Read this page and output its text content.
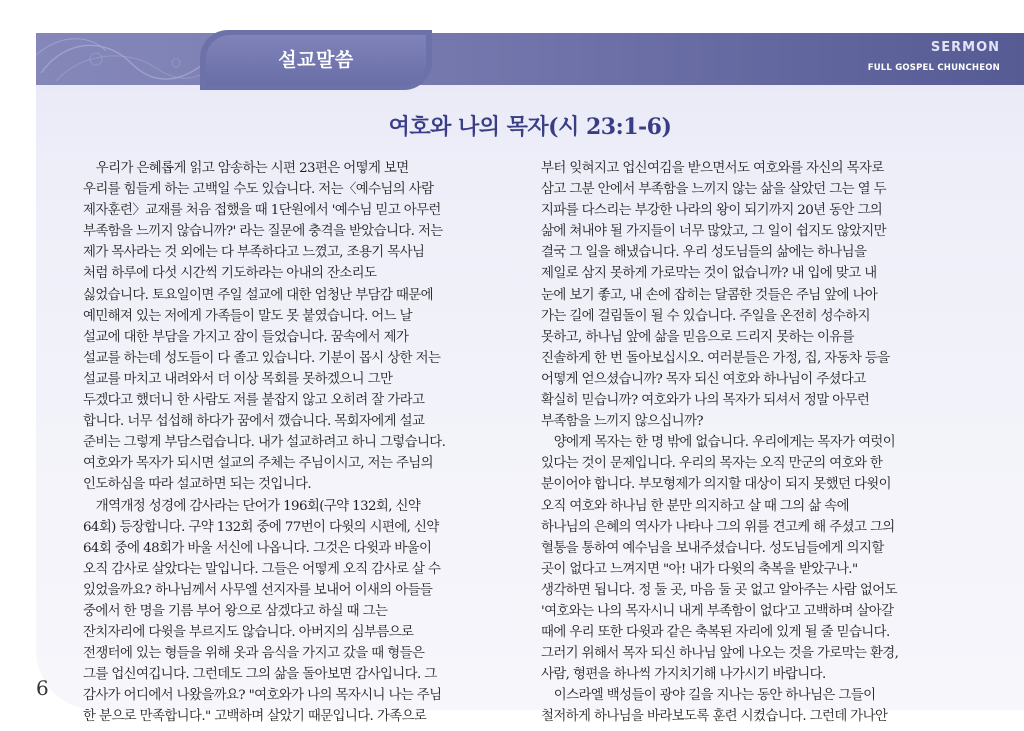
설교말씀
SERMON
FULL GOSPEL CHUNCHEON
여호와 나의 목자(시 23:1-6)
　우리가 은혜롭게 읽고 암송하는 시편 23편은 어떻게 보면
우리를 힘들게 하는 고백일 수도 있습니다. 저는〈예수님의 사람
제자훈련〉교재를 처음 접했을 때 1단원에서 '예수님 믿고 아무런
부족함을 느끼지 않습니까?' 라는 질문에 충격을 받았습니다. 저는
제가 목사라는 것 외에는 다 부족하다고 느꼈고, 조용기 목사님
처럼 하루에 다섯 시간씩 기도하라는 아내의 잔소리도
싫었습니다. 토요일이면 주일 설교에 대한 엄청난 부담감 때문에
예민해져 있는 저에게 가족들이 말도 못 붙였습니다. 어느 날
설교에 대한 부담을 가지고 잠이 들었습니다. 꿈속에서 제가
설교를 하는데 성도들이 다 졸고 있습니다. 기분이 몹시 상한 저는
설교를 마치고 내려와서 더 이상 목회를 못하겠으니 그만
두겠다고 했더니 한 사람도 저를 붙잡지 않고 오히려 잘 가라고
합니다. 너무 섭섭해 하다가 꿈에서 깼습니다. 목회자에게 설교
준비는 그렇게 부담스럽습니다. 내가 설교하려고 하니 그렇습니다.
여호와가 목자가 되시면 설교의 주체는 주님이시고, 저는 주님의
인도하심을 따라 설교하면 되는 것입니다.
　개역개정 성경에 감사라는 단어가 196회(구약 132회, 신약
64회) 등장합니다. 구약 132회 중에 77번이 다윗의 시편에, 신약
64회 중에 48회가 바울 서신에 나옵니다. 그것은 다윗과 바울이
오직 감사로 살았다는 말입니다. 그들은 어떻게 오직 감사로 살 수
있었을까요? 하나님께서 사무엘 선지자를 보내어 이새의 아들들
중에서 한 명을 기름 부어 왕으로 삼겠다고 하실 때 그는
잔치자리에 다윗을 부르지도 않습니다. 아버지의 심부름으로
전쟁터에 있는 형들을 위해 옷과 음식을 가지고 갔을 때 형들은
그를 업신여깁니다. 그런데도 그의 삶을 돌아보면 감사입니다. 그
감사가 어디에서 나왔을까요? "여호와가 나의 목자시니 나는 주님
한 분으로 만족합니다." 고백하며 살았기 때문입니다. 가족으로
부터 잊혀지고 업신여김을 받으면서도 여호와를 자신의 목자로
삼고 그분 안에서 부족함을 느끼지 않는 삶을 살았던 그는 열 두
지파를 다스리는 부강한 나라의 왕이 되기까지 20년 동안 그의
삶에 쳐내야 될 가지들이 너무 많았고, 그 일이 쉽지도 않았지만
결국 그 일을 해냈습니다. 우리 성도님들의 삶에는 하나님을
제일로 삼지 못하게 가로막는 것이 없습니까? 내 입에 맞고 내
눈에 보기 좋고, 내 손에 잡히는 달콤한 것들은 주님 앞에 나아
가는 길에 걸림돌이 될 수 있습니다. 주일을 온전히 성수하지
못하고, 하나님 앞에 삶을 믿음으로 드리지 못하는 이유를
진솔하게 한 번 돌아보십시오. 여러분들은 가정, 집, 자동차 등을
어떻게 얻으셨습니까? 목자 되신 여호와 하나님이 주셨다고
확실히 믿습니까? 여호와가 나의 목자가 되셔서 정말 아무런
부족함을 느끼지 않으십니까?
　양에게 목자는 한 명 밖에 없습니다. 우리에게는 목자가 여럿이
있다는 것이 문제입니다. 우리의 목자는 오직 만군의 여호와 한
분이어야 합니다. 부모형제가 의지할 대상이 되지 못했던 다윗이
오직 여호와 하나님 한 분만 의지하고 살 때 그의 삶 속에
하나님의 은혜의 역사가 나타나 그의 위를 견고케 해 주셨고 그의
혈통을 통하여 예수님을 보내주셨습니다. 성도님들에게 의지할
곳이 없다고 느껴지면 "아! 내가 다윗의 축복을 받았구나."
생각하면 됩니다. 정 둘 곳, 마음 둘 곳 없고 알아주는 사람 없어도
'여호와는 나의 목자시니 내게 부족함이 없다'고 고백하며 살아갈
때에 우리 또한 다윗과 같은 축복된 자리에 있게 될 줄 믿습니다.
그러기 위해서 목자 되신 하나님 앞에 나오는 것을 가로막는 환경,
사람, 형편을 하나씩 가지치기해 나가시기 바랍니다.
　이스라엘 백성들이 광야 길을 지나는 동안 하나님은 그들이
철저하게 하나님을 바라보도록 훈련 시켰습니다. 그런데 가나안
6
